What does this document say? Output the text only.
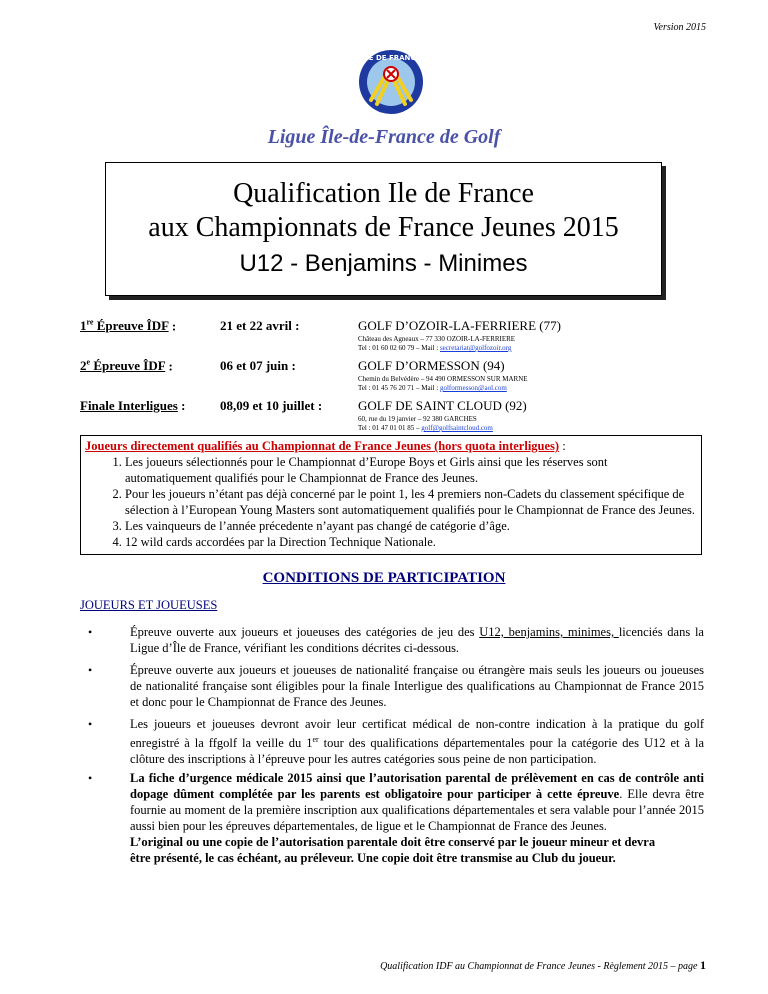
Version 2015
ILE DE FRANCE
Ligue Île-de-France de Golf
Qualification Ile de France
aux Championnats de France Jeunes 2015
U12 - Benjamins - Minimes
1re Épreuve ÎDF :	21 et 22 avril :	GOLF D’OZOIR-LA-FERRIERE (77)
Château des Agneaux – 77 330 OZOIR-LA-FERRIERE
Tel : 01 60 02 60 79 – Mail : secretariat@golfozoir.org
2e Épreuve ÎDF :	06 et 07 juin :	GOLF D’ORMESSON (94)
Chemin du Belvédère – 94 490 ORMESSON SUR MARNE
Tel : 01 45 76 20 71 – Mail : golformesson@aol.com
Finale Interligues :	08,09 et 10 juillet :	GOLF DE SAINT CLOUD (92)
60, rue du 19 janvier – 92 380 GARCHES
Tel : 01 47 01 01 85 – golf@golfsaintcloud.com
Joueurs directement qualifiés au Championnat de France Jeunes (hors quota interligues) :
1. Les joueurs sélectionnés pour le Championnat d’Europe Boys et Girls ainsi que les réserves sont automatiquement qualifiés pour le Championnat de France des Jeunes.
2. Pour les joueurs n’étant pas déjà concerné par le point 1, les 4 premiers non-Cadets du classement spécifique de sélection à l’European Young Masters sont automatiquement qualifiés pour le Championnat de France des Jeunes.
3. Les vainqueurs de l’année précedente n’ayant pas changé de catégorie d’âge.
4. 12 wild cards accordées par la Direction Technique Nationale.
CONDITIONS DE PARTICIPATION
JOUEURS ET JOUEUSES
•	Épreuve ouverte aux joueurs et joueuses des catégories de jeu des U12, benjamins, minimes, licenciés dans la Ligue d’Île de France, vérifiant les conditions décrites ci-dessous.
•	Épreuve ouverte aux joueurs et joueuses de nationalité française ou étrangère mais seuls les joueurs ou joueuses de nationalité française sont éligibles pour la finale Interligue des qualifications au Championnat de France 2015 et donc pour le Championnat de France des Jeunes.
•	Les joueurs et joueuses devront avoir leur certificat médical de non-contre indication à la pratique du golf enregistré à la ffgolf la veille du 1er tour des qualifications départementales pour la catégorie des U12 et à la clôture des inscriptions à l’épreuve pour les autres catégories sous peine de non participation.
•	La fiche d’urgence médicale 2015 ainsi que l’autorisation parental de prélèvement en cas de contrôle anti dopage dûment complétée par les parents est obligatoire pour participer à cette épreuve. Elle devra être fournie au moment de la première inscription aux qualifications départementales et sera valable pour l’année 2015 aussi bien pour les épreuves départementales, de ligue et le Championnat de France des Jeunes.
L’original ou une copie de l’autorisation parentale doit être conservé par le joueur mineur et devra
être présenté, le cas échéant, au préleveur. Une copie doit être transmise au Club du joueur.
Qualification IDF au Championnat de France Jeunes - Règlement 2015 – page 1
